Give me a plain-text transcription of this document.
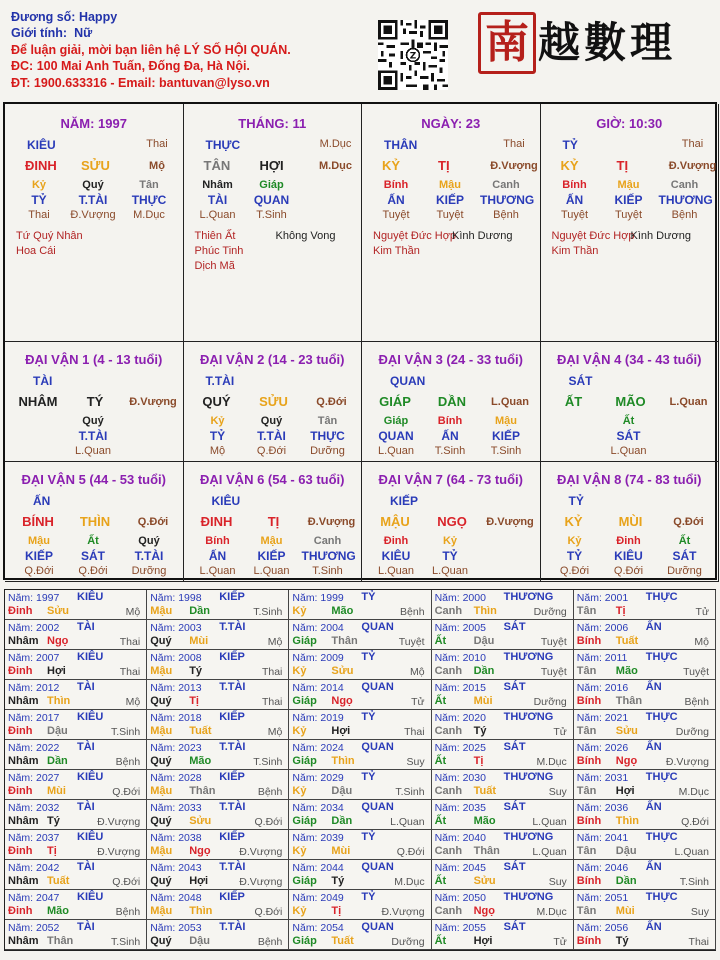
Đương số: Happy
Giới tính: Nữ
Để luận giải, mời bạn liên hệ LÝ SỐ HỘI QUÁN.
ĐC: 100 Mai Anh Tuấn, Đống Đa, Hà Nội.
ĐT: 1900.633316 - Email: bantuvan@lyso.vn
Z 南 越數理
NĂM: 1997
KIÊU	Thai
ĐINH SỬU	Mộ
Kỷ	Quý	Tân
TỶ	T.TÀI	THỰC
Thai	Đ.Vượng	M.Dục
Tứ Quý Nhân
Hoa Cái
THÁNG: 11
THỰC	M.Dục
TÂN HỢI	M.Dục
Nhâm	Giáp
TÀI	QUAN
L.Quan	T.Sinh
Thiên Ất
Phúc Tinh
Dịch Mã
Không Vong
NGÀY: 23
THÂN	Thai
KỶ	TỊ	Đ.Vượng
Bính	Mậu	Canh
ẤN	KIẾP	THƯƠNG
Tuyệt	Tuyệt	Bệnh
Nguyệt Đức Hợp
Kim Thần
Kình Dương
GIỜ: 10:30
TỶ	Thai
KỶ	TỊ	Đ.Vượng
Bính	Mậu	Canh
ẤN	KIẾP	THƯƠNG
Tuyệt	Tuyệt	Bệnh
Nguyệt Đức Hợp
Kim Thần
Kình Dương
ĐẠI VẬN 1 (4 - 13 tuổi)
TÀI
NHÂM	TÝ	Đ.Vượng
Quý
T.TÀI
L.Quan
ĐẠI VẬN 2 (14 - 23 tuổi)
T.TÀI
QUÝ	SỬU	Q.Đới
Kỷ	Quý	Tân
TỶ	T.TÀI	THỰC
Mộ	Q.Đới	Dưỡng
ĐẠI VẬN 3 (24 - 33 tuổi)
QUAN
GIÁP	DẦN	L.Quan
Giáp	Bính	Mậu
QUAN	ẤN	KIẾP
L.Quan	T.Sinh	T.Sinh
ĐẠI VẬN 4 (34 - 43 tuổi)
SÁT
ẤT	MÃO	L.Quan
Ất
SÁT
L.Quan
ĐẠI VẬN 5 (44 - 53 tuổi)
ẤN
BÍNH	THÌN	Q.Đới
Mậu	Ất	Quý
KIẾP	SÁT	T.TÀI
Q.Đới	Q.Đới	Dưỡng
ĐẠI VẬN 6 (54 - 63 tuổi)
KIÊU
ĐINH	TỊ	Đ.Vượng
Bính	Mậu	Canh
ẤN	KIẾP	THƯƠNG
L.Quan	L.Quan	T.Sinh
ĐẠI VẬN 7 (64 - 73 tuổi)
KIẾP
MẬU	NGỌ	Đ.Vượng
Đinh	Kỷ
KIÊU	TỶ
L.Quan	L.Quan
ĐẠI VẬN 8 (74 - 83 tuổi)
TỶ
KỶ	MÙI	Q.Đới
Kỷ	Đinh	Ất
TỶ	KIÊU	SÁT
Q.Đới	Q.Đới	Dưỡng
Năm: 1997 KIÊU
Đinh Sửu	Mộ
Năm: 1998 KIẾP
Mậu Dần	T.Sinh
Năm: 1999 TỶ
Kỷ Mão	Bệnh
Năm: 2000 THƯƠNG
Canh Thìn	Dưỡng
Năm: 2001 THỰC
Tân Tị	Tử
Năm: 2002 TÀI
Nhâm Ngọ	Thai
Năm: 2003 T.TÀI
Quý Mùi	Mộ
Năm: 2004 QUAN
Giáp Thân	Tuyệt
Năm: 2005 SÁT
Ất Dậu	Tuyệt
Năm: 2006 ẤN
Bính Tuất	Mộ
Năm: 2007 KIÊU
Đinh Hợi	Thai
Năm: 2008 KIẾP
Mậu Tý	Thai
Năm: 2009 TỶ
Kỷ Sửu	Mộ
Năm: 2010 THƯƠNG
Canh Dần	Tuyệt
Năm: 2011 THỰC
Tân Mão	Tuyệt
Năm: 2012 TÀI
Nhâm Thìn	Mộ
Năm: 2013 T.TÀI
Quý Tị	Thai
Năm: 2014 QUAN
Giáp Ngọ	Tử
Năm: 2015 SÁT
Ất Mùi	Dưỡng
Năm: 2016 ẤN
Bính Thân	Bệnh
Năm: 2017 KIÊU
Đinh Dậu	T.Sinh
Năm: 2018 KIẾP
Mậu Tuất	Mộ
Năm: 2019 TỶ
Kỷ Hợi	Thai
Năm: 2020 THƯƠNG
Canh Tý	Tử
Năm: 2021 THỰC
Tân Sửu	Dưỡng
Năm: 2022 TÀI
Nhâm Dần	Bệnh
Năm: 2023 T.TÀI
Quý Mão	T.Sinh
Năm: 2024 QUAN
Giáp Thìn	Suy
Năm: 2025 SÁT
Ất Tị	M.Dục
Năm: 2026 ẤN
Bính Ngọ	Đ.Vượng
Năm: 2027 KIÊU
Đinh Mùi	Q.Đới
Năm: 2028 KIẾP
Mậu Thân	Bệnh
Năm: 2029 TỶ
Kỷ Dậu	T.Sinh
Năm: 2030 THƯƠNG
Canh Tuất	Suy
Năm: 2031 THỰC
Tân Hợi	M.Dục
Năm: 2032 TÀI
Nhâm Tý	Đ.Vượng
Năm: 2033 T.TÀI
Quý Sửu	Q.Đới
Năm: 2034 QUAN
Giáp Dần	L.Quan
Năm: 2035 SÁT
Ất Mão	L.Quan
Năm: 2036 ẤN
Bính Thìn	Q.Đới
Năm: 2037 KIÊU
Đinh Tị	Đ.Vượng
Năm: 2038 KIẾP
Mậu Ngọ	Đ.Vượng
Năm: 2039 TỶ
Kỷ Mùi	Q.Đới
Năm: 2040 THƯƠNG
Canh Thân	L.Quan
Năm: 2041 THỰC
Tân Dậu	L.Quan
Năm: 2042 TÀI
Nhâm Tuất	Q.Đới
Năm: 2043 T.TÀI
Quý Hợi	Đ.Vượng
Năm: 2044 QUAN
Giáp Tý	M.Dục
Năm: 2045 SÁT
Ất Sửu	Suy
Năm: 2046 ẤN
Bính Dần	T.Sinh
Năm: 2047 KIÊU
Đinh Mão	Bệnh
Năm: 2048 KIẾP
Mậu Thìn	Q.Đới
Năm: 2049 TỶ
Kỷ Tị	Đ.Vượng
Năm: 2050 THƯƠNG
Canh Ngọ	M.Dục
Năm: 2051 THỰC
Tân Mùi	Suy
Năm: 2052 TÀI
Nhâm Thân	T.Sinh
Năm: 2053 T.TÀI
Quý Dậu	Bệnh
Năm: 2054 QUAN
Giáp Tuất	Dưỡng
Năm: 2055 SÁT
Ất Hợi	Tử
Năm: 2056 ẤN
Bính Tý	Thai
